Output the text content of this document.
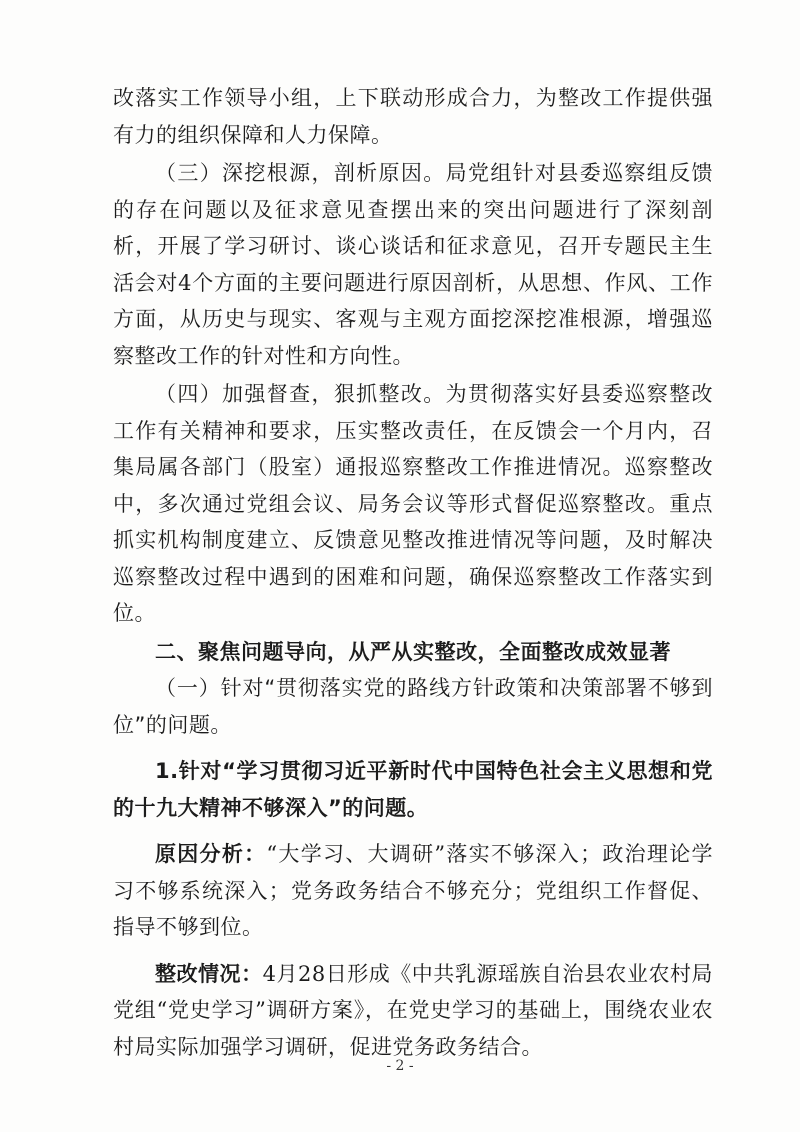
改落实工作领导小组，上下联动形成合力，为整改工作提供强有力的组织保障和人力保障。

（三）深挖根源，剖析原因。局党组针对县委巡察组反馈的存在问题以及征求意见查摆出来的突出问题进行了深刻剖析，开展了学习研讨、谈心谈话和征求意见，召开专题民主生活会对4个方面的主要问题进行原因剖析，从思想、作风、工作方面，从历史与现实、客观与主观方面挖深挖准根源，增强巡察整改工作的针对性和方向性。

（四）加强督查，狠抓整改。为贯彻落实好县委巡察整改工作有关精神和要求，压实整改责任，在反馈会一个月内，召集局属各部门（股室）通报巡察整改工作推进情况。巡察整改中，多次通过党组会议、局务会议等形式督促巡察整改。重点抓实机构制度建立、反馈意见整改推进情况等问题，及时解决巡察整改过程中遇到的困难和问题，确保巡察整改工作落实到位。

二、聚焦问题导向，从严从实整改，全面整改成效显著

（一）针对“贯彻落实党的路线方针政策和决策部署不够到位”的问题。

1.针对“学习贯彻习近平新时代中国特色社会主义思想和党的十九大精神不够深入”的问题。

原因分析：“大学习、大调研”落实不够深入；政治理论学习不够系统深入；党务政务结合不够充分；党组织工作督促、指导不够到位。

整改情况：4月28日形成《中共乳源瑶族自治县农业农村局党组“党史学习”调研方案》，在党史学习的基础上，围绕农业农村局实际加强学习调研，促进党务政务结合。

- 2 -
